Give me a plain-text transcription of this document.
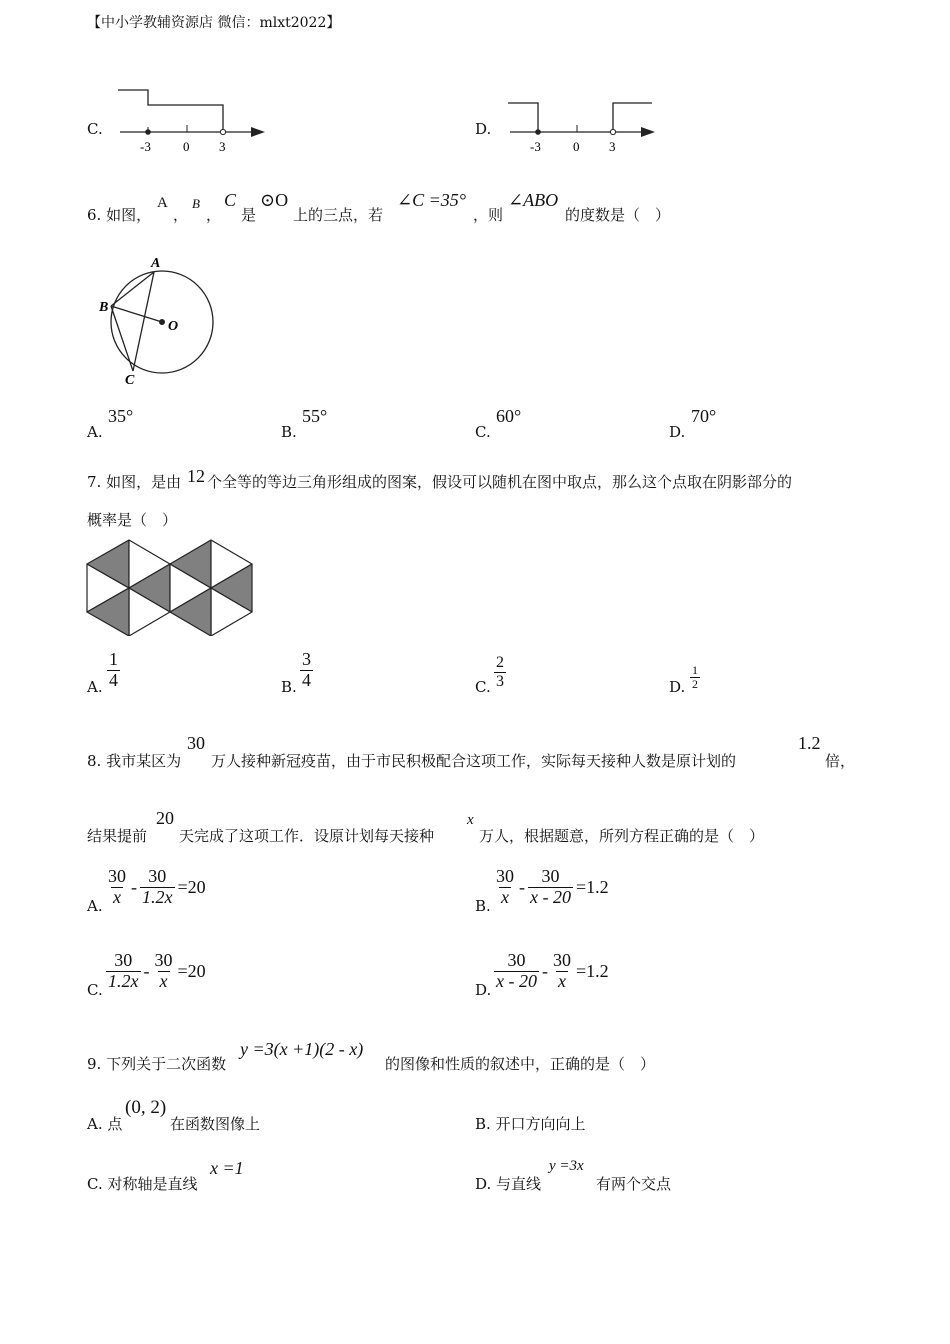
【中小学教辅资源店 微信：mlxt2022】
C.
-3 0 3
D.
-3 0 3
6. 如图，
A
，
B
，
C
是
⊙O
上的三点，若
∠C =35°
，则
∠ABO
的度数是（　）
A
B
C
O
A.
35°
B.
55°
C.
60°
D.
70°
7. 如图，是由 12 个全等的等边三角形组成的图案，假设可以随机在图中取点，那么这个点取在阴影部分的
概率是（　）
A. $\frac{1}{4}$	B. $\frac{3}{4}$	C. $\frac{2}{3}$	D. $\frac{1}{2}$
8. 我市某区为
30
万人接种新冠疫苗，由于市民积极配合这项工作，实际每天接种人数是原计划的
1.2
倍，
结果提前
20
天完成了这项工作．设原计划每天接种
x
万人，根据题意，所列方程正确的是（　）
A. $\frac{30}{x} - \frac{30}{1.2x} =20$
B. $\frac{30}{x} - \frac{30}{x - 20} =1.2$
C. $\frac{30}{1.2x} - \frac{30}{x} =20$
D. $\frac{30}{x - 20} - \frac{30}{x} =1.2$
9. 下列关于二次函数
y =3(x +1)(2 - x)
的图像和性质的叙述中，正确的是（　）
A. 点
(0, 2)
在函数图像上	B. 开口方向向上
C. 对称轴是直线
x =1
D. 与直线
y =3x
有两个交点
